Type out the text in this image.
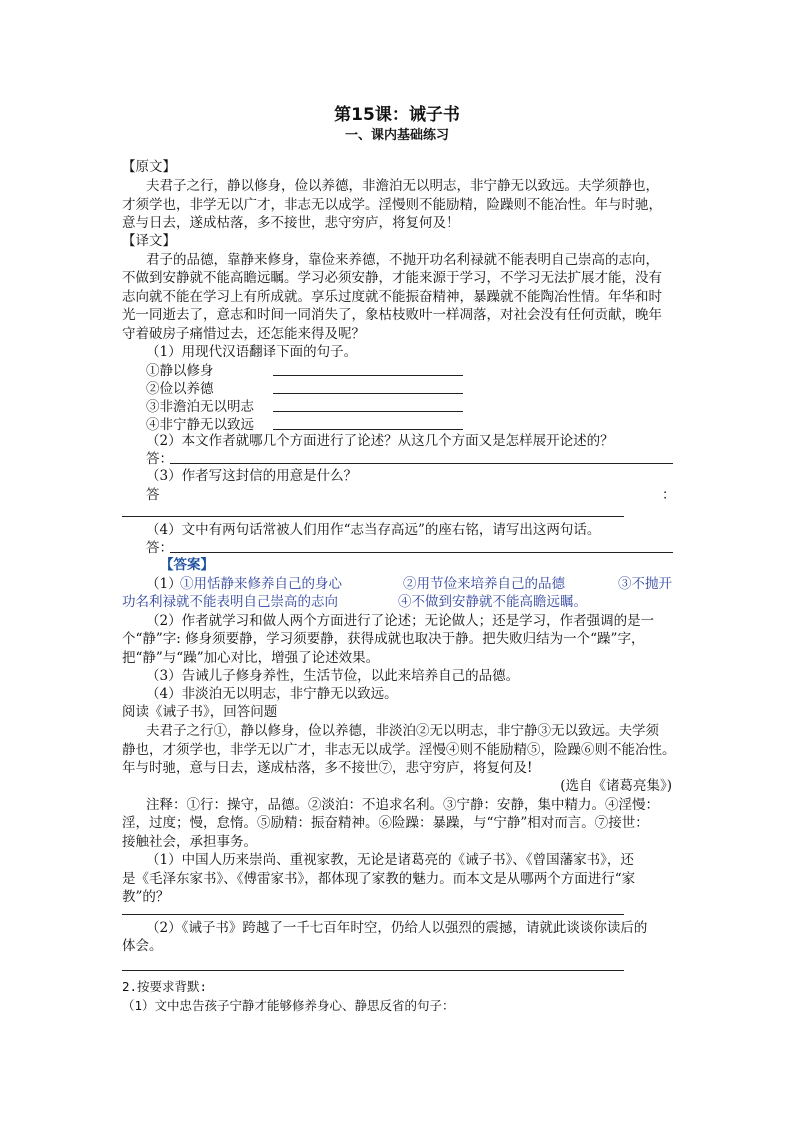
第15课：诫子书
一、课内基础练习
【原文】
夫君子之行，静以修身，俭以养德，非澹泊无以明志，非宁静无以致远。夫学须静也，
才须学也，非学无以广才，非志无以成学。淫慢则不能励精，险躁则不能冶性。年与时驰，
意与日去，遂成枯落，多不接世，悲守穷庐，将复何及！
【译文】
君子的品德，靠静来修身，靠俭来养德，不抛开功名利禄就不能表明自己崇高的志向，
不做到安静就不能高瞻远瞩。学习必须安静，才能来源于学习，不学习无法扩展才能，没有
志向就不能在学习上有所成就。享乐过度就不能振奋精神，暴躁就不能陶冶性情。年华和时
光一同逝去了，意志和时间一同消失了，象枯枝败叶一样凋落，对社会没有任何贡献，晚年
守着破房子痛惜过去，还怎能来得及呢？
（1）用现代汉语翻译下面的句子。
①静以修身
②俭以养德
③非澹泊无以明志
④非宁静无以致远
（2）本文作者就哪几个方面进行了论述？从这几个方面又是怎样展开论述的？
答：
（3）作者写这封信的用意是什么？
答	：
（4）文中有两句话常被人们用作“志当存高远”的座右铭，请写出这两句话。
答：
【答案】
（1）
①用恬静来修养自己的身心	②用节俭来培养自己的品德	③不抛开
功名利禄就不能表明自己崇高的志向	④不做到安静就不能高瞻远瞩。
（2）作者就学习和做人两个方面进行了论述；无论做人；还是学习，作者强调的是一
个“静”字: 修身须要静，学习须要静，获得成就也取决于静。把失败归结为一个“躁”字，
把“静”与“躁”加心对比，增强了论述效果。
（3）告诫儿子修身养性，生活节俭，以此来培养自己的品德。
（4）非淡泊无以明志，非宁静无以致远。
阅读《诫子书》，回答问题
夫君子之行①，静以修身，俭以养德，非淡泊②无以明志，非宁静③无以致远。夫学须
静也，才须学也，非学无以广才，非志无以成学。淫慢④则不能励精⑤，险躁⑥则不能冶性。
年与时驰，意与日去，遂成枯落，多不接世⑦，悲守穷庐，将复何及!
(选自《诸葛亮集》)
注释：①行：操守，品德。②淡泊：不追求名利。③宁静：安静，集中精力。④淫慢：
淫，过度；慢，怠惰。⑤励精：振奋精神。⑥险躁：暴躁，与“宁静”相对而言。⑦接世：
接触社会，承担事务。
（1）中国人历来崇尚、重视家教，无论是诸葛亮的《诫子书》、《曾国藩家书》，还
是《毛泽东家书》、《傅雷家书》，都体现了家教的魅力。而本文是从哪两个方面进行“家
教”的？
（2）《诫子书》跨越了一千七百年时空，仍给人以强烈的震撼，请就此谈谈你读后的
体会。
2.按要求背默:
（1）文中忠告孩子宁静才能够修养身心、静思反省的句子：
